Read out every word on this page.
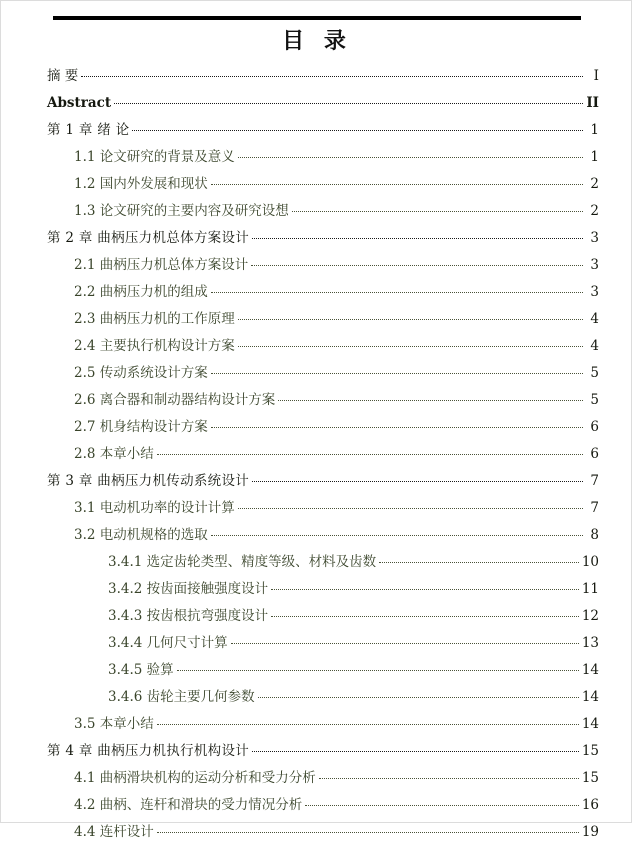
目 录
摘 要	I
Abstract	II
第 1 章 绪 论	1
1.1 论文研究的背景及意义	1
1.2 国内外发展和现状	2
1.3 论文研究的主要内容及研究设想	2
第 2 章 曲柄压力机总体方案设计	3
2.1 曲柄压力机总体方案设计	3
2.2 曲柄压力机的组成	3
2.3 曲柄压力机的工作原理	4
2.4 主要执行机构设计方案	4
2.5 传动系统设计方案	5
2.6 离合器和制动器结构设计方案	5
2.7 机身结构设计方案	6
2.8 本章小结	6
第 3 章 曲柄压力机传动系统设计	7
3.1 电动机功率的设计计算	7
3.2 电动机规格的选取	8
3.4.1 选定齿轮类型、精度等级、材料及齿数	10
3.4.2 按齿面接触强度设计	11
3.4.3 按齿根抗弯强度设计	12
3.4.4 几何尺寸计算	13
3.4.5 验算	14
3.4.6 齿轮主要几何参数	14
3.5 本章小结	14
第 4 章 曲柄压力机执行机构设计	15
4.1 曲柄滑块机构的运动分析和受力分析	15
4.2 曲柄、连杆和滑块的受力情况分析	16
4.4 连杆设计	19
